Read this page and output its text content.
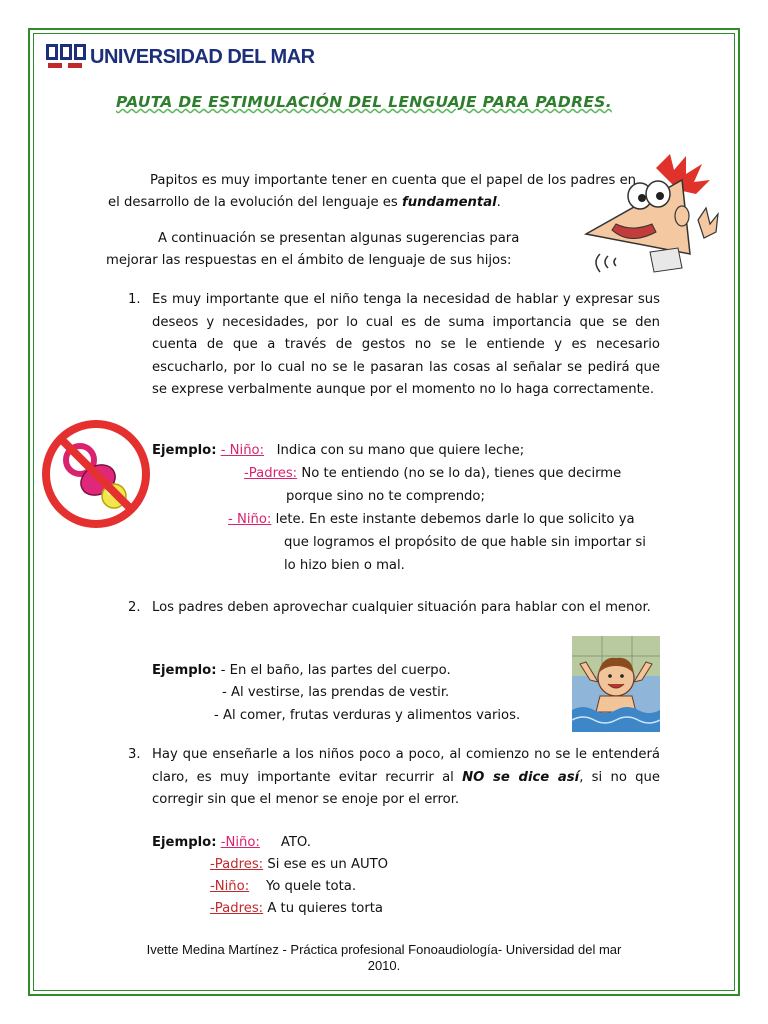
UNIVERSIDAD DEL MAR
PAUTA DE ESTIMULACIÓN DEL LENGUAJE PARA PADRES.
Papitos es muy importante tener en cuenta que el papel de los padres en
el desarrollo de la evolución del lenguaje es fundamental.
A continuación se presentan algunas sugerencias para
mejorar las respuestas en el ámbito de lenguaje de sus hijos:
1. Es muy importante que el niño tenga la necesidad de hablar y expresar sus deseos y necesidades, por lo cual es de suma importancia que se den cuenta de que a través de gestos no se le entiende y es necesario escucharlo, por lo cual no se le pasaran las cosas al señalar se pedirá que se exprese verbalmente aunque por el momento no lo haga correctamente.
Ejemplo: - Niño: Indica con su mano que quiere leche;
-Padres: No te entiendo (no se lo da), tienes que decirme
porque sino no te comprendo;
- Niño: lete. En este instante debemos darle lo que solicito ya
que logramos el propósito de que hable sin importar si
lo hizo bien o mal.
2. Los padres deben aprovechar cualquier situación para hablar con el menor.
Ejemplo: - En el baño, las partes del cuerpo.
- Al vestirse, las prendas de vestir.
- Al comer, frutas verduras y alimentos varios.
3. Hay que enseñarle a los niños poco a poco, al comienzo no se le entenderá claro, es muy importante evitar recurrir al NO se dice así, si no que corregir sin que el menor se enoje por el error.
Ejemplo: -Niño: ATO.
-Padres: Si ese es un AUTO
-Niño: Yo quele tota.
-Padres: A tu quieres torta
Ivette Medina Martínez - Práctica profesional Fonoaudiología- Universidad del mar
2010.
